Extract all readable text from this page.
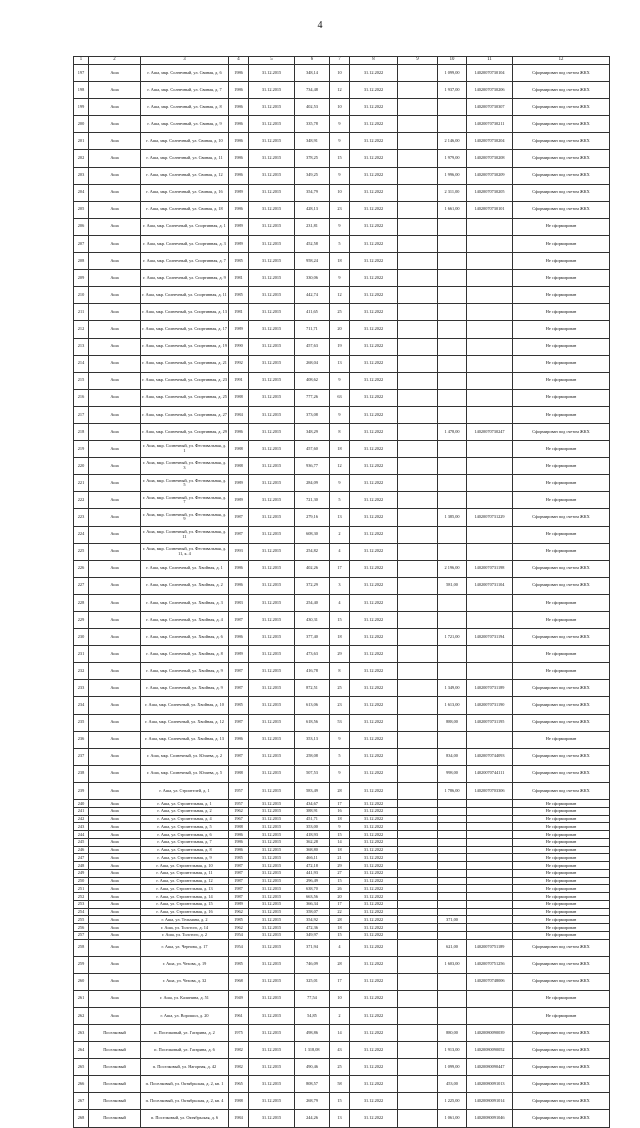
4
1	2	3	4	5	6	7	8	9	10	11	12
197	Аша	г. Аша, мкр. Солнечный, ул. Свиная, д. 6	1986	31.12.2015	348,14	10	31.12.2022		1 099,00	14020070730104	Сформирован под счетом ЖКХ
198	Аша	г. Аша, мкр. Солнечный, ул. Свиная, д. 7	1986	31.12.2015	734,48	12	31.12.2022		1 937,00	14020070730206	Сформирован под счетом ЖКХ
199	Аша	г. Аша, мкр. Солнечный, ул. Свиная, д. 8	1986	31.12.2015	402,53	10	31.12.2022			14020070730307	Сформирован под счетом ЖКХ
200	Аша	г. Аша, мкр. Солнечный, ул. Свиная, д. 9	1986	31.12.2015	335,78	9	31.12.2022			14020070730211	Сформирован под счетом ЖКХ
201	Аша	г. Аша, мкр. Солнечный, ул. Свиная, д. 10	1986	31.12.2015	348,91	9	31.12.2022		2 146,00	14020070730204	Сформирован под счетом ЖКХ
202	Аша	г. Аша, мкр. Солнечный, ул. Свиная, д. 11	1986	31.12.2015	378,25	15	31.12.2022		1 979,00	14020070730208	Сформирован под счетом ЖКХ
203	Аша	г. Аша, мкр. Солнечный, ул. Свиная, д. 12	1986	31.12.2015	349,25	9	31.12.2022		1 996,00	14020070730209	Сформирован под счетом ЖКХ
204	Аша	г. Аша, мкр. Солнечный, ул. Свиная, д. 16	1989	31.12.2015	354,79	10	31.12.2022		2 311,00	14020070730205	Сформирован под счетом ЖКХ
205	Аша	г. Аша, мкр. Солнечный, ул. Свиная, д. 18	1986	31.12.2015	428,13	23	31.12.2022		1 661,00	14020070730101	Сформирован под счетом ЖКХ
206	Аша	г. Аша, мкр. Солнечный, ул. Спортивная, д. 1	1989	31.12.2015	231,81	9	31.12.2022				Не сформирован
207	Аша	г. Аша, мкр. Солнечный, ул. Спортивная, д. 3	1989	31.12.2015	452,58	5	31.12.2022				Не сформирован
208	Аша	г. Аша, мкр. Солнечный, ул. Спортивная, д. 7	1985	31.12.2015	958,24	18	31.12.2022				Не сформирован
209	Аша	г. Аша, мкр. Солнечный, ул. Спортивная, д. 9	1981	31.12.2015	330,06	9	31.12.2022				Не сформирован
210	Аша	г. Аша, мкр. Солнечный, ул. Спортивная, д. 11	1985	31.12.2015	442,74	12	31.12.2022				Не сформирован
211	Аша	г. Аша, мкр. Солнечный, ул. Спортивная, д. 13	1981	31.12.2015	411,65	25	31.12.2022				Не сформирован
212	Аша	г. Аша, мкр. Солнечный, ул. Спортивная, д. 17	1989	31.12.2015	711,71	20	31.12.2022				Не сформирован
213	Аша	г. Аша, мкр. Солнечный, ул. Спортивная, д. 19	1990	31.12.2015	457,63	19	31.12.2022				Не сформирован
214	Аша	г. Аша, мкр. Солнечный, ул. Спортивная, д. 21	1992	31.12.2015	268,04	13	31.12.2022				Не сформирован
215	Аша	г. Аша, мкр. Солнечный, ул. Спортивная, д. 23	1991	31.12.2015	408,62	9	31.12.2022				Не сформирован
216	Аша	г. Аша, мкр. Солнечный, ул. Спортивная, д. 25	1988	31.12.2015	777,26	63	31.12.2022				Не сформирован
217	Аша	г. Аша, мкр. Солнечный, ул. Спортивная, д. 27	1984	31.12.2015	373,08	9	31.12.2022				Не сформирован
218	Аша	г. Аша, мкр. Солнечный, ул. Спортивная, д. 29	1986	31.12.2015	348,29	8	31.12.2022		1 478,00	14020070730247	Сформирован под счетом ЖКХ
219	Аша	г. Аша, мкр. Солнечный, ул. Фестивальная, д. 1	1988	31.12.2015	457,60	18	31.12.2022				Не сформирован
220	Аша	г. Аша, мкр. Солнечный, ул. Фестивальная, д. 3	1988	31.12.2015	936,77	12	31.12.2022				Не сформирован
221	Аша	г. Аша, мкр. Солнечный, ул. Фестивальная, д. 5	1989	31.12.2015	284,09	9	31.12.2022				Не сформирован
222	Аша	г. Аша, мкр. Солнечный, ул. Фестивальная, д. 7	1989	31.12.2015	721,30	5	31.12.2022				Не сформирован
223	Аша	г. Аша, мкр. Солнечный, ул. Фестивальная, д. 9	1987	31.12.2015	279,16	13	31.12.2022		1 385,00	14020070731229	Сформирован под счетом ЖКХ
224	Аша	г. Аша, мкр. Солнечный, ул. Фестивальная, д. 11	1987	31.12.2015	608,30	2	31.12.2022				Не сформирован
225	Аша	г. Аша, мкр. Солнечный, ул. Фестивальная, д. 11, к. 4	1993	31.12.2015	254,82	4	31.12.2022				Не сформирован
226	Аша	г. Аша, мкр. Солнечный, ул. Хвойная, д. 1	1986	31.12.2015	402,26	17	31.12.2022		2 196,00	14020070731198	Сформирован под счетом ЖКХ
227	Аша	г. Аша, мкр. Солнечный, ул. Хвойная, д. 2	1986	31.12.2015	372,29	3	31.12.2022		581,00	14020070731104	Сформирован под счетом ЖКХ
228	Аша	г. Аша, мкр. Солнечный, ул. Хвойная, д. 3	1983	31.12.2015	254,40	4	31.12.2022				Не сформирован
229	Аша	г. Аша, мкр. Солнечный, ул. Хвойная, д. 4	1987	31.12.2015	430,31	15	31.12.2022				Не сформирован
230	Аша	г. Аша, мкр. Солнечный, ул. Хвойная, д. 6	1986	31.12.2015	377,40	18	31.12.2022		1 721,00	14020070731194	Сформирован под счетом ЖКХ
231	Аша	г. Аша, мкр. Солнечный, ул. Хвойная, д. 8	1989	31.12.2015	473,63	29	31.12.2022				Не сформирован
232	Аша	г. Аша, мкр. Солнечный, ул. Хвойная, д. 9	1987	31.12.2015	416,78	8	31.12.2022				Не сформирован
233	Аша	г. Аша, мкр. Солнечный, ул. Хвойная, д. 9	1987	31.12.2015	872,51	25	31.12.2022		1 349,00	14020070731189	Сформирован под счетом ЖКХ
234	Аша	г. Аша, мкр. Солнечный, ул. Хвойная, д. 10	1985	31.12.2015	613,06	23	31.12.2022		1 613,00	14020070731190	Сформирован под счетом ЖКХ
235	Аша	г. Аша, мкр. Солнечный, ул. Хвойная, д. 12	1987	31.12.2015	618,56	53	31.12.2022		888,00	14020070731195	Сформирован под счетом ЖКХ
236	Аша	г. Аша, мкр. Солнечный, ул. Хвойная, д. 13	1986	31.12.2015	353,13	9	31.12.2022				Не сформирован
237	Аша	г. Аша, мкр. Солнечный, ул. Юлаева, д. 2	1987	31.12.2015	258,08	5	31.12.2022		834,00	14020070744093	Сформирован под счетом ЖКХ
238	Аша	г. Аша, мкр. Солнечный, ул. Юлаева, д. 5	1988	31.12.2015	507,53	9	31.12.2022		998,00	14020070744111	Сформирован под счетом ЖКХ
239	Аша	г. Аша, ул. Строителей, д. 1	1957	31.12.2015	583,49	28	31.12.2022		1 786,00	14020070703306	Сформирован под счетом ЖКХ
240	Аша	г. Аша, ул. Строительная, д. 1	1957	31.12.2015	434,67	17	31.12.2022				Не сформирован
241	Аша	г. Аша, ул. Строительная, д. 2	1962	31.12.2015	388,91	16	31.12.2022				Не сформирован
242	Аша	г. Аша, ул. Строительная, д. 4	1967	31.12.2015	451,71	18	31.12.2022				Не сформирован
243	Аша	г. Аша, ул. Строительная, д. 5	1988	31.12.2015	353,00	9	31.12.2022				Не сформирован
244	Аша	г. Аша, ул. Строительная, д. 6	1986	31.12.2015	418,93	15	31.12.2022				Не сформирован
245	Аша	г. Аша, ул. Строительная, д. 7	1986	31.12.2015	362,28	14	31.12.2022				Не сформирован
246	Аша	г. Аша, ул. Строительная, д. 8	1986	31.12.2015	368,80	18	31.12.2022				Не сформирован
247	Аша	г. Аша, ул. Строительная, д. 9	1985	31.12.2015	466,11	21	31.12.2022				Не сформирован
248	Аша	г. Аша, ул. Строительная, д. 10	1987	31.12.2015	472,18	29	31.12.2022				Не сформирован
249	Аша	г. Аша, ул. Строительная, д. 11	1987	31.12.2015	441,93	27	31.12.2022				Не сформирован
250	Аша	г. Аша, ул. Строительная, д. 12	1987	31.12.2015	296,49	15	31.12.2022				Не сформирован
251	Аша	г. Аша, ул. Строительная, д. 13	1987	31.12.2015	638,70	26	31.12.2022				Не сформирован
252	Аша	г. Аша, ул. Строительная, д. 14	1987	31.12.2015	663,56	20	31.12.2022				Не сформирован
253	Аша	г. Аша, ул. Строительная, д. 15	1989	31.12.2015	366,34	17	31.12.2022				Не сформирован
254	Аша	г. Аша, ул. Строительная, д. 16	1962	31.12.2015	358,07	22	31.12.2022				Не сформирован
255	Аша	г. Аша, ул. Тельмана, д. 2	1985	31.12.2015	354,92	28	31.12.2022		371,00		Не сформирован
256	Аша	г. Аша, ул. Толстого, д. 14	1962	31.12.2015	472,36	18	31.12.2022				Не сформирован
257	Аша	г. Аша, ул. Толстого, д. 2	1954	31.12.2015	349,97	15	31.12.2022				Не сформирован
258	Аша	г. Аша, ул. Чернова, д. 17	1954	31.12.2015	371,94	4	31.12.2022		621,00	14020070751189	Сформирован под счетом ЖКХ
259	Аша	г. Аша, ул. Чехова, д. 19	1985	31.12.2015	746,09	28	31.12.2022		1 603,00	14020070751256	Сформирован под счетом ЖКХ
260	Аша	г. Аша, ул. Чехова, д. 32	1968	31.12.2015	325,01	17	31.12.2022			14020070748006	Сформирован под счетом ЖКХ
261	Аша	г. Аша, ул. Калинина, д. 51	1949	31.12.2015	77,54	10	31.12.2022				Не сформирован
262	Аша	г. Аша, ул. Ворошил, д. 20	1961	31.12.2015	54,85	2	31.12.2022				Не сформирован
263	Поселковый	п. Поселковый, ул. Гагарина, д. 2	1975	31.12.2015	498,86	14	31.12.2022		880,00	14020080090039	Сформирован под счетом ЖКХ
264	Поселковый	п. Поселковый, ул. Гагарина, д. 6	1982	31.12.2015	1 318,08	43	31.12.2022		1 913,00	14020080090052	Сформирован под счетом ЖКХ
265	Поселковый	п. Поселковый, ул. Нагорная, д. 42	1982	31.12.2015	490,46	25	31.12.2022		1 099,00	14020080090447	Сформирован под счетом ЖКХ
266	Поселковый	п. Поселковый, ул. Октябрьская, д. 2, кв. 1	1965	31.12.2015	808,57	58	31.12.2022		453,00	14020080091013	Сформирован под счетом ЖКХ
267	Поселковый	п. Поселковый, ул. Октябрьская, д. 2, кв. 4	1988	31.12.2015	268,79	15	31.12.2022		1 225,00	14020080091014	Сформирован под счетом ЖКХ
268	Поселковый	п. Поселковый, ул. Октябрьская, д. 6	1984	31.12.2015	244,26	13	31.12.2022		1 061,00	14020080091046	Сформирован под счетом ЖКХ
